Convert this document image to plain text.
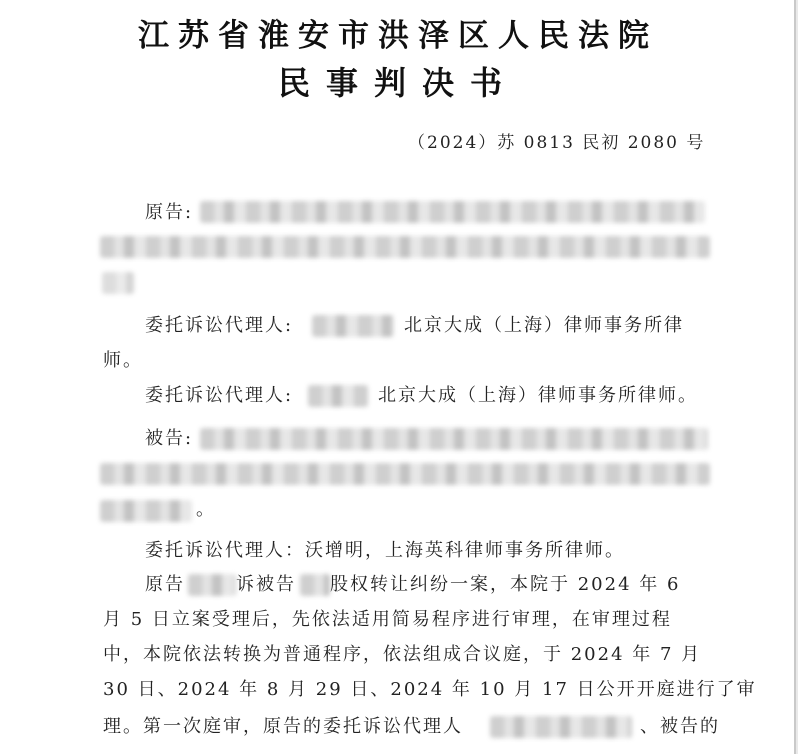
江苏省淮安市洪泽区人民法院
民事判决书
（2024）苏 0813 民初 2080 号
原告:
委托诉讼代理人:	北京大成（上海）律师事务所律
师。
委托诉讼代理人:	北京大成（上海）律师事务所律师。
被告:
。
委托诉讼代理人：沃增明，上海英科律师事务所律师。
原告	诉被告 股权转让纠纷一案，本院于 2024 年 6
月 5 日立案受理后，先依法适用简易程序进行审理，在审理过程
中，本院依法转换为普通程序，依法组成合议庭，于 2024 年 7 月
30 日、2024 年 8 月 29 日、2024 年 10 月 17 日公开开庭进行了审
理。第一次庭审，原告的委托诉讼代理人	、被告的
